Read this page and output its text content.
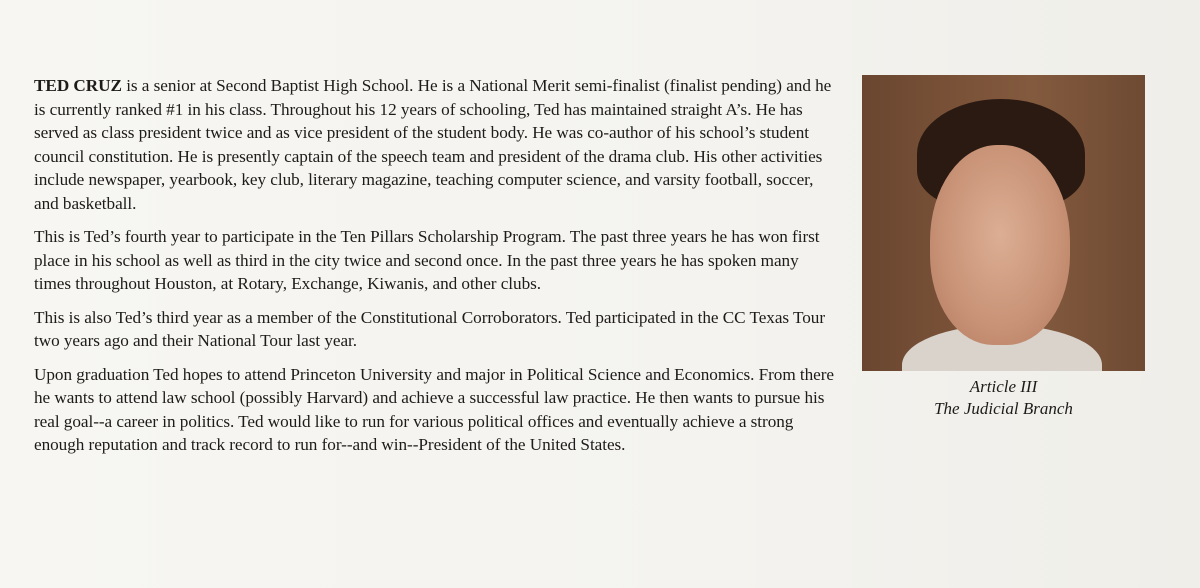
TED CRUZ is a senior at Second Baptist High School. He is a National Merit semi-finalist (finalist pending) and he is currently ranked #1 in his class. Throughout his 12 years of schooling, Ted has maintained straight A’s. He has served as class president twice and as vice president of the student body. He was co-author of his school’s student council constitution. He is presently captain of the speech team and president of the drama club. His other activities include newspaper, yearbook, key club, literary magazine, teaching computer science, and varsity football, soccer, and basketball.

This is Ted’s fourth year to participate in the Ten Pillars Scholarship Program. The past three years he has won first place in his school as well as third in the city twice and second once. In the past three years he has spoken many times throughout Houston, at Rotary, Exchange, Kiwanis, and other clubs.

This is also Ted’s third year as a member of the Constitutional Corroborators. Ted participated in the CC Texas Tour two years ago and their National Tour last year.

Upon graduation Ted hopes to attend Princeton University and major in Political Science and Economics. From there he wants to attend law school (possibly Harvard) and achieve a successful law practice. He then wants to pursue his real goal--a career in politics. Ted would like to run for various political offices and eventually achieve a strong enough reputation and track record to run for--and win--President of the United States.

Article III
The Judicial Branch
